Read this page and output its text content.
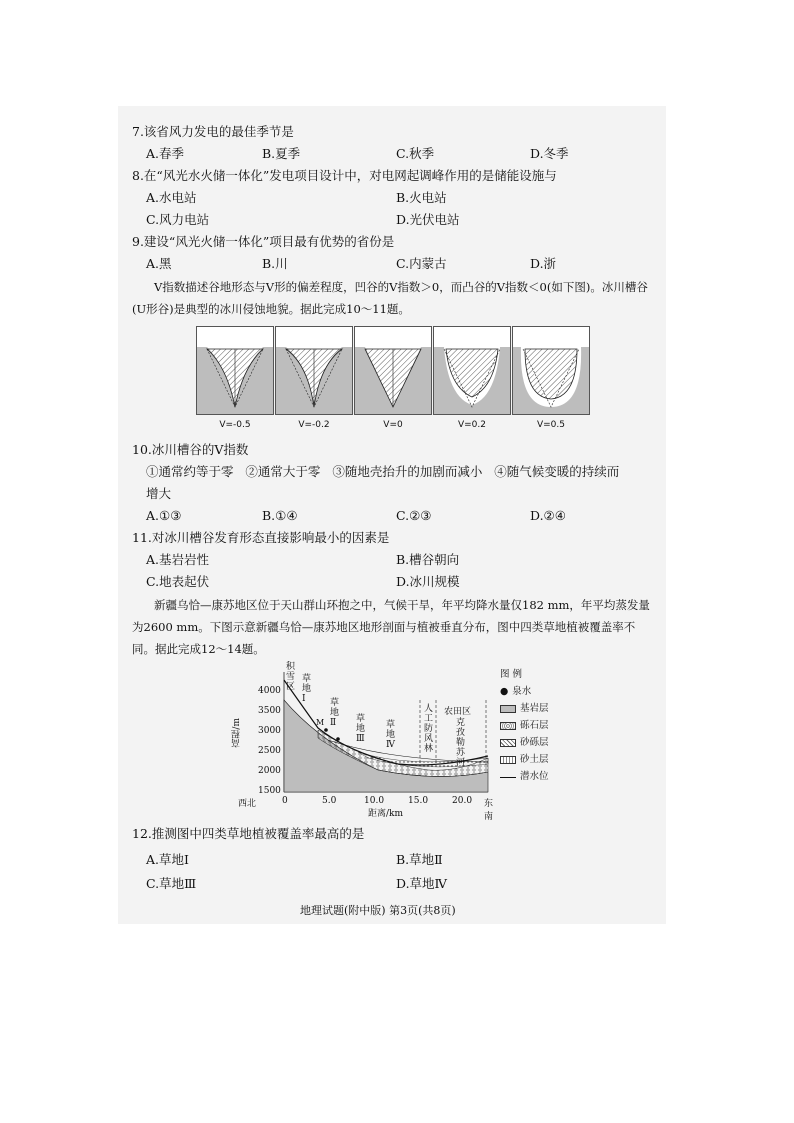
7.该省风力发电的最佳季节是
A.春季	B.夏季	C.秋季	D.冬季
8.在“风光水火储一体化”发电项目设计中，对电网起调峰作用的是储能设施与
A.水电站	B.火电站
C.风力电站	D.光伏电站
9.建设“风光火储一体化”项目最有优势的省份是
A.黑	B.川	C.内蒙古	D.浙
V指数描述谷地形态与V形的偏差程度，凹谷的V指数＞0，而凸谷的V指数＜0(如下图)。冰川槽谷(U形谷)是典型的冰川侵蚀地貌。据此完成10～11题。
V=-0.5	V=-0.2	V=0	V=0.2	V=0.5
10.冰川槽谷的V指数
①通常约等于零   ②通常大于零   ③随地壳抬升的加剧而减小   ④随气候变暖的持续而
增大
A.①③	B.①④	C.②③	D.②④
11.对冰川槽谷发育形态直接影响最小的因素是
A.基岩岩性	B.槽谷朝向
C.地表起伏	D.冰川规模
新疆乌恰—康苏地区位于天山群山环抱之中，气候干旱，年平均降水量仅182 mm，年平均蒸发量为2600 mm。下图示意新疆乌恰—康苏地区地形剖面与植被垂直分布，图中四类草地植被覆盖率不同。据此完成12～14题。
高程/m
4000
3500
3000
2500
2000
1500
西北	东南
0	5.0	10.0	15.0	20.0
距离/km
积雪区
草地Ⅰ	草地Ⅱ	草地Ⅲ
草地Ⅳ
人工防风林
农田区
克孜勒苏河
M
图 例
● 泉水
基岩层
砾石层
砂砾层
砂土层
潜水位
12.推测图中四类草地植被覆盖率最高的是
A.草地Ⅰ	B.草地Ⅱ
C.草地Ⅲ	D.草地Ⅳ
地理试题(附中版) 第3页(共8页)
